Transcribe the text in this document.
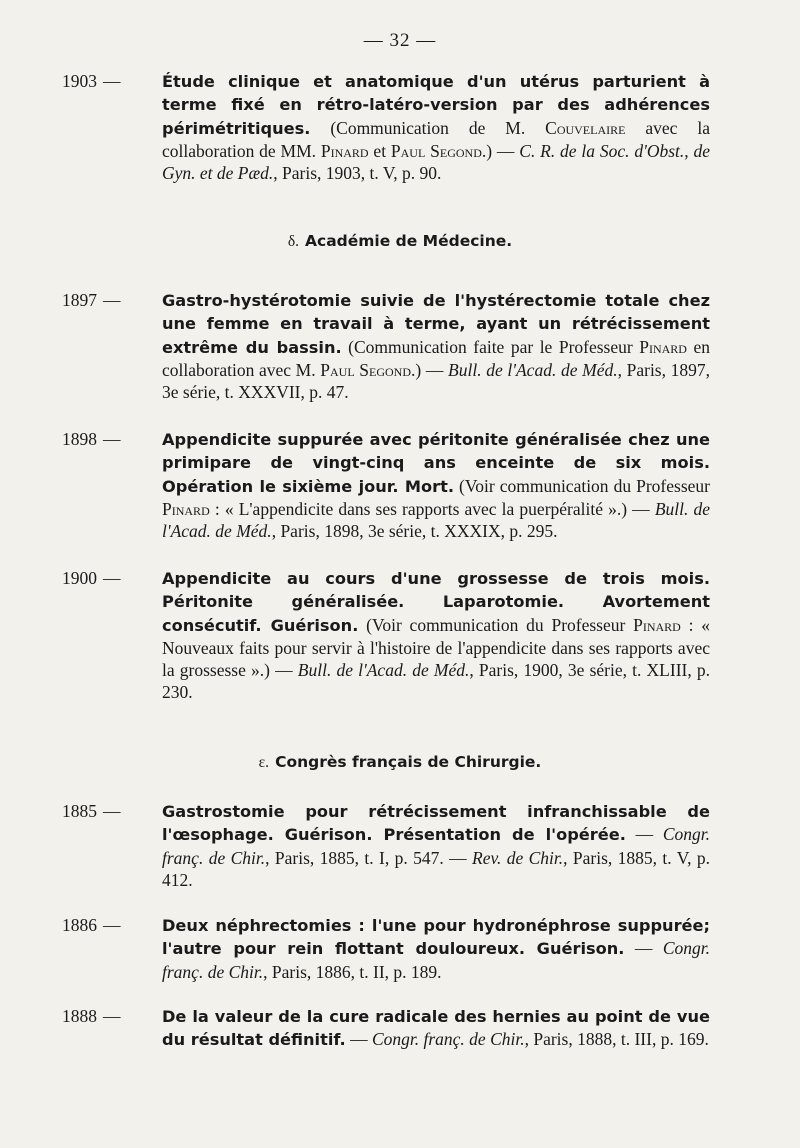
— 32 —
1903 —	Étude clinique et anatomique d'un utérus parturient à terme fixé en rétro-latéro-version par des adhérences périmétritiques. (Communication de M. Couvelaire avec la collaboration de MM. Pinard et Paul Segond.) — C. R. de la Soc. d'Obst., de Gyn. et de Pæd., Paris, 1903, t. V, p. 90.
δ. Académie de Médecine.
1897 —	Gastro-hystérotomie suivie de l'hystérectomie totale chez une femme en travail à terme, ayant un rétrécissement extrême du bassin. (Communication faite par le Professeur Pinard en collaboration avec M. Paul Segond.) — Bull. de l'Acad. de Méd., Paris, 1897, 3e série, t. XXXVII, p. 47.
1898 —	Appendicite suppurée avec péritonite généralisée chez une primipare de vingt-cinq ans enceinte de six mois. Opération le sixième jour. Mort. (Voir communication du Professeur Pinard : « L'appendicite dans ses rapports avec la puerpéralité ».) — Bull. de l'Acad. de Méd., Paris, 1898, 3e série, t. XXXIX, p. 295.
1900 —	Appendicite au cours d'une grossesse de trois mois. Péritonite généralisée. Laparotomie. Avortement consécutif. Guérison. (Voir communication du Professeur Pinard : « Nouveaux faits pour servir à l'histoire de l'appendicite dans ses rapports avec la grossesse ».) — Bull. de l'Acad. de Méd., Paris, 1900, 3e série, t. XLIII, p. 230.
ε. Congrès français de Chirurgie.
1885 —	Gastrostomie pour rétrécissement infranchissable de l'œsophage. Guérison. Présentation de l'opérée. — Congr. franç. de Chir., Paris, 1885, t. I, p. 547. — Rev. de Chir., Paris, 1885, t. V, p. 412.
1886 —	Deux néphrectomies : l'une pour hydronéphrose suppurée; l'autre pour rein flottant douloureux. Guérison. — Congr. franç. de Chir., Paris, 1886, t. II, p. 189.
1888 —	De la valeur de la cure radicale des hernies au point de vue du résultat définitif. — Congr. franç. de Chir., Paris, 1888, t. III, p. 169.
